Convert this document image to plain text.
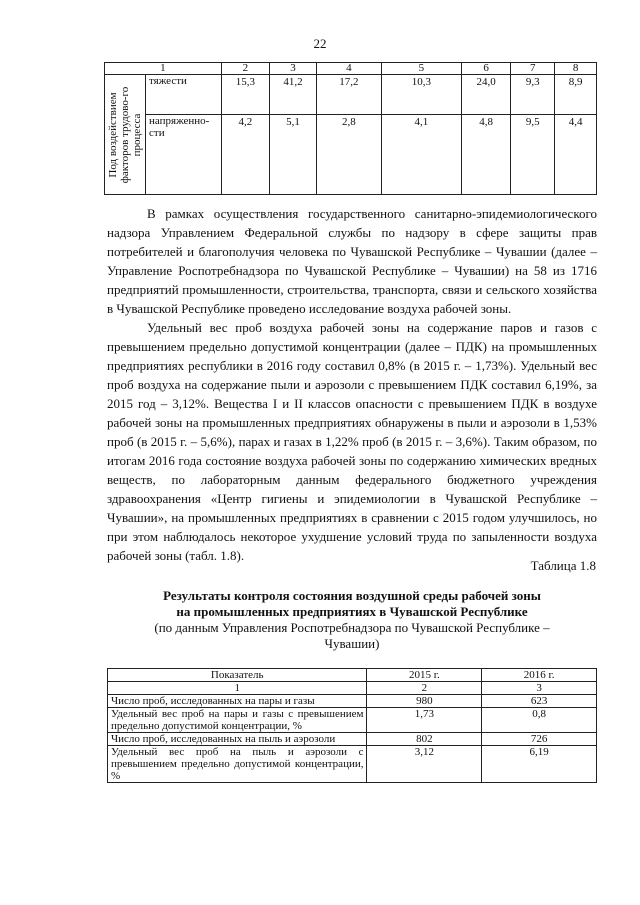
22
1		2	3	4	5	6	7	8

Под воздействием факторов трудово-го процесса	тяжести	15,3	41,2	17,2	10,3	24,0	9,3	8,9
	напряженно-сти	4,2	5,1	2,8	4,1	4,8	9,5	4,4

В рамках осуществления государственного санитарно-эпидемиологического надзора Управлением Федеральной службы по надзору в сфере защиты прав потребителей и благополучия человека по Чувашской Республике – Чувашии (далее – Управление Роспотребнадзора по Чувашской Республике – Чувашии) на 58 из 1716 предприятий промышленности, строительства, транспорта, связи и сельского хозяйства в Чувашской Республике проведено исследование воздуха рабочей зоны.

Удельный вес проб воздуха рабочей зоны на содержание паров и газов с превышением предельно допустимой концентрации (далее – ПДК) на промышленных предприятиях республики в 2016 году составил 0,8% (в 2015 г. – 1,73%). Удельный вес проб воздуха на содержание пыли и аэрозоли с превышением ПДК составил 6,19%, за 2015 год – 3,12%. Вещества I и II классов опасности с превышением ПДК в воздухе рабочей зоны на промышленных предприятиях обнаружены в пыли и аэрозоли в 1,53% проб (в 2015 г. – 5,6%), парах и газах в 1,22% проб (в 2015 г. – 3,6%). Таким образом, по итогам 2016 года состояние воздуха рабочей зоны по содержанию химических вредных веществ, по лабораторным данным федерального бюджетного учреждения здравоохранения «Центр гигиены и эпидемиологии в Чувашской Республике – Чувашии», на промышленных предприятиях в сравнении с 2015 годом улучшилось, но при этом наблюдалось некоторое ухудшение условий труда по запыленности воздуха рабочей зоны (табл. 1.8).

Таблица 1.8
Результаты контроля состояния воздушной среды рабочей зоны
на промышленных предприятиях в Чувашской Республике
(по данным Управления Роспотребнадзора по Чувашской Республике –
Чувашии)
Показатель	2015 г.	2016 г.
1	2	3
Число проб, исследованных на пары и газы	980	623
Удельный вес проб на пары и газы с превышением предельно допустимой концентрации, %	1,73	0,8
Число проб, исследованных на пыль и аэрозоли	802	726
Удельный вес проб на пыль и аэрозоли с превышением предельно допустимой концентрации, %	3,12	6,19
